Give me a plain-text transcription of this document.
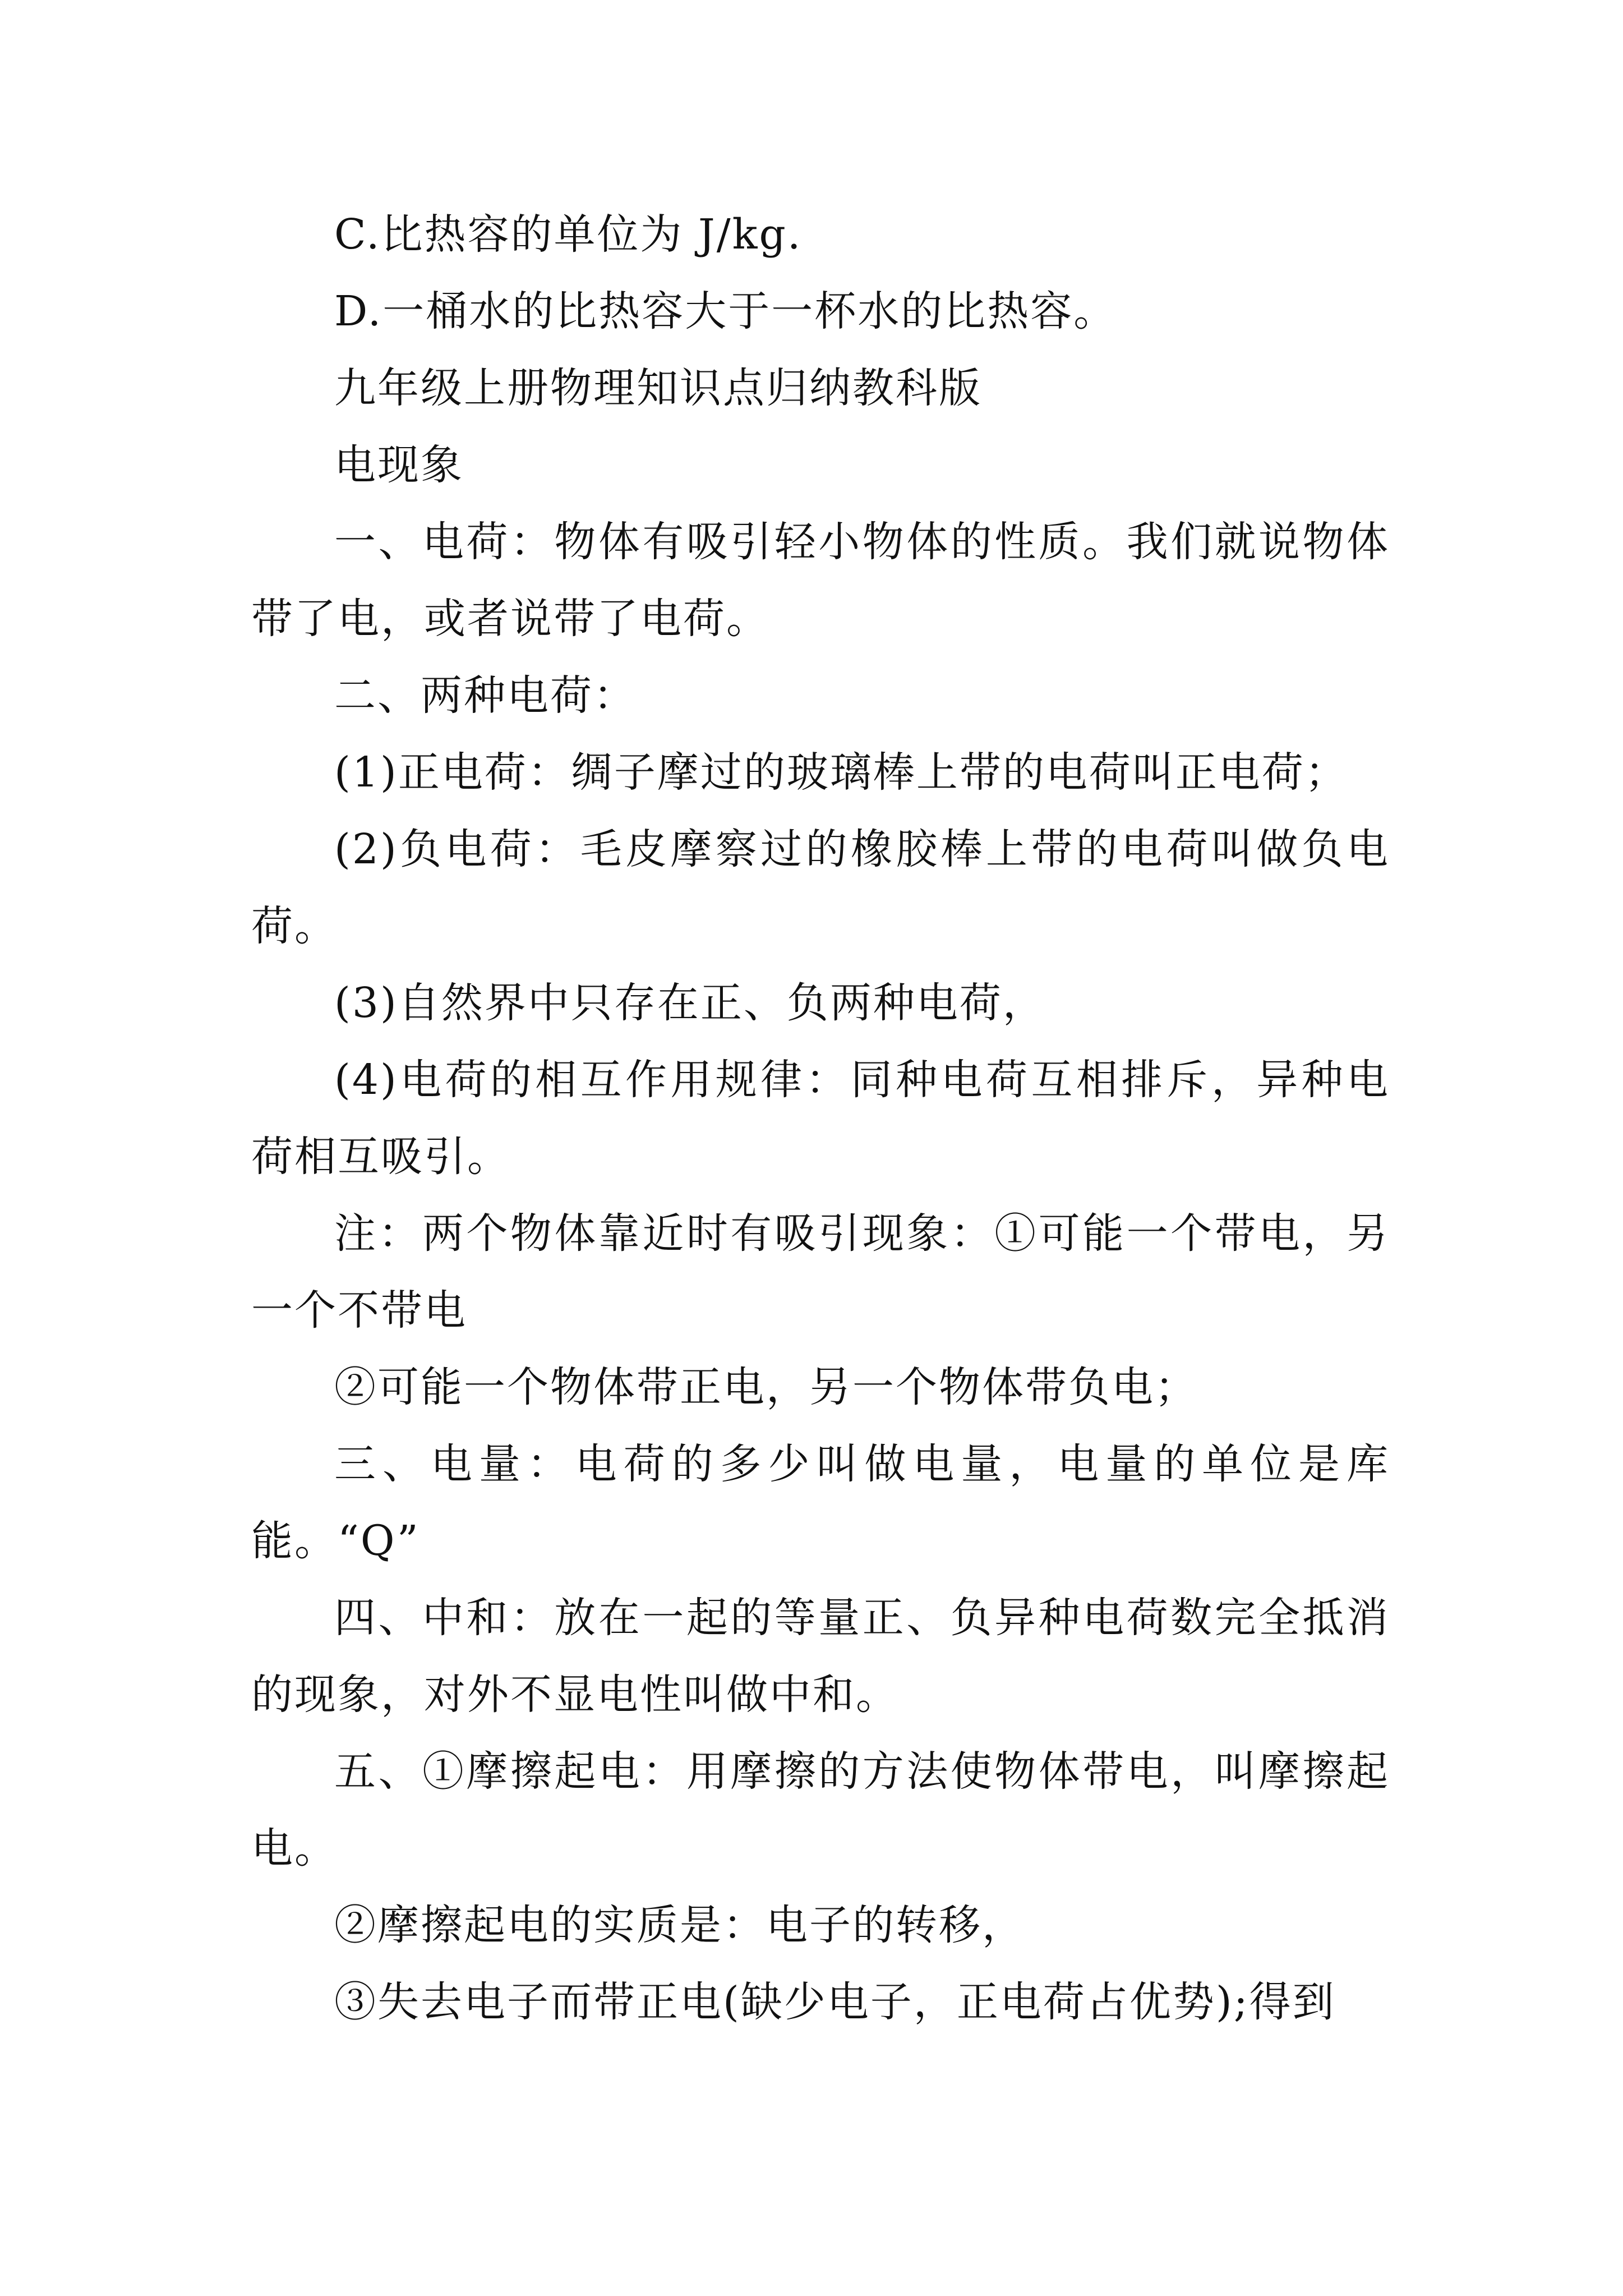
C.比热容的单位为 J/kg.

D.一桶水的比热容大于一杯水的比热容。

九年级上册物理知识点归纳教科版

电现象

一、电荷：物体有吸引轻小物体的性质。我们就说物体带了电，或者说带了电荷。

二、两种电荷：

(1)正电荷：绸子摩过的玻璃棒上带的电荷叫正电荷；

(2)负电荷：毛皮摩察过的橡胶棒上带的电荷叫做负电荷。

(3)自然界中只存在正、负两种电荷，

(4)电荷的相互作用规律：同种电荷互相排斥，异种电荷相互吸引。

注：两个物体靠近时有吸引现象：①可能一个带电，另一个不带电

②可能一个物体带正电，另一个物体带负电；

三、电量：电荷的多少叫做电量，电量的单位是库能。“Q”

四、中和：放在一起的等量正、负异种电荷数完全抵消的现象，对外不显电性叫做中和。

五、①摩擦起电：用摩擦的方法使物体带电，叫摩擦起电。

②摩擦起电的实质是：电子的转移，

③失去电子而带正电(缺少电子，正电荷占优势);得到
